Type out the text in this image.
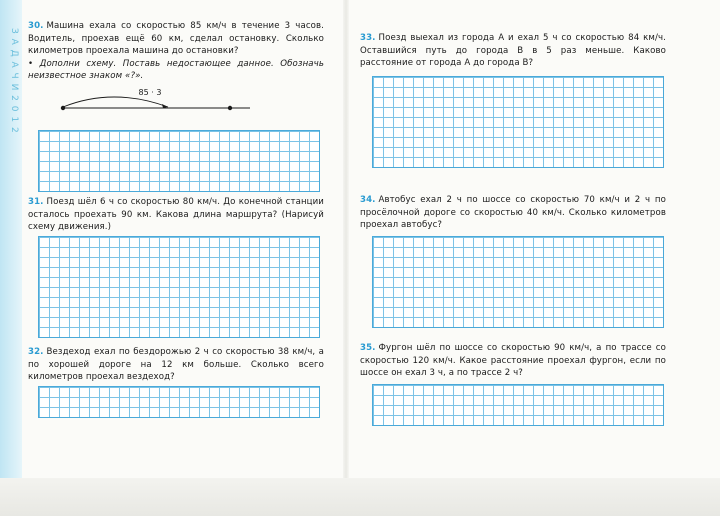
З A Д A Ч И 2 0 1 2

30. Машина ехала со скоростью 85 км/ч в течение 3 часов. Водитель, проехав ещё 60 км, сделал остановку. Сколько километров проехала машина до остановки?

• Дополни схему. Поставь недостающее данное. Обозначь неизвестное знаком «?».

85 · 3

31. Поезд шёл 6 ч со скоростью 80 км/ч. До конечной станции осталось проехать 90 км. Какова длина маршрута? (Нарисуй схему движения.)

32. Вездеход ехал по бездорожью 2 ч со скоростью 38 км/ч, а по хорошей дороге на 12 км больше. Сколько всего километров проехал вездеход?

33. Поезд выехал из города А и ехал 5 ч со скоростью 84 км/ч. Оставшийся путь до города В в 5 раз меньше. Каково расстояние от города А до города В?

34. Автобус ехал 2 ч по шоссе со скоростью 70 км/ч и 2 ч по просёлочной дороге со скоростью 40 км/ч. Сколько километров проехал автобус?

35. Фургон шёл по шоссе со скоростью 90 км/ч, а по трассе со скоростью 120 км/ч. Какое расстояние проехал фургон, если по шоссе он ехал 3 ч, а по трассе 2 ч?
